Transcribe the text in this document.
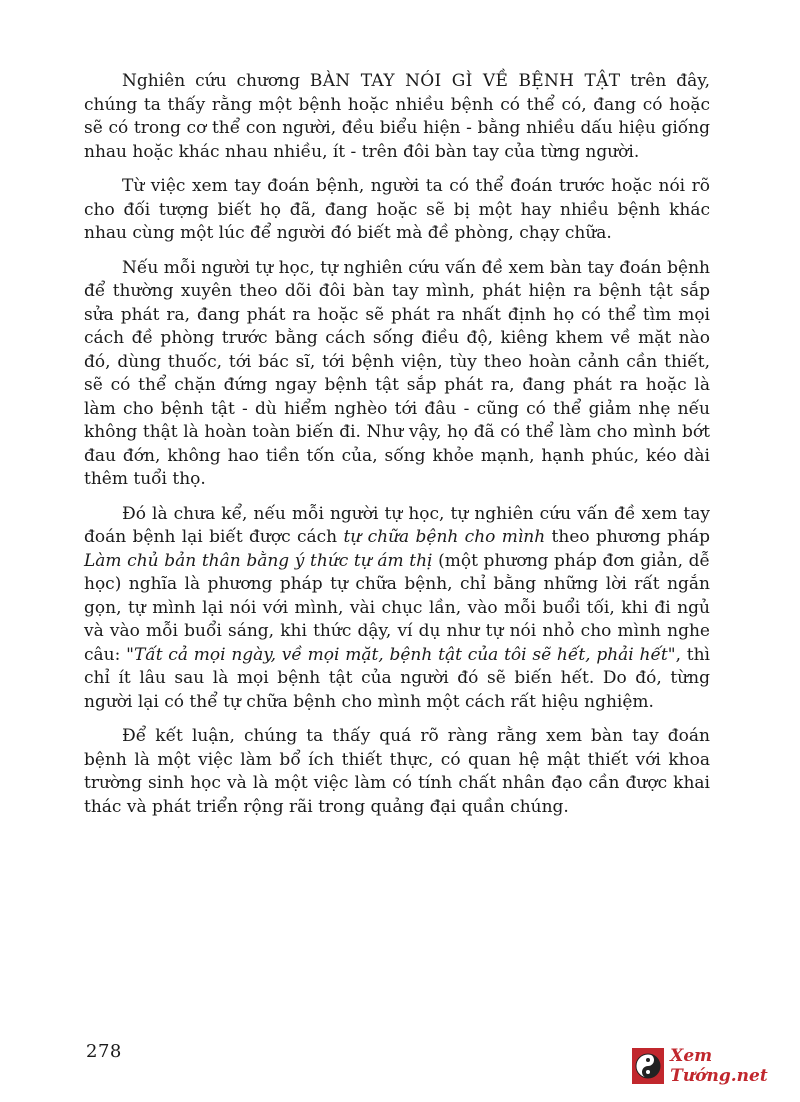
Nghiên cứu chương BÀN TAY NÓI GÌ VỀ BỆNH TẬT trên đây, chúng ta thấy rằng một bệnh hoặc nhiều bệnh có thể có, đang có hoặc sẽ có trong cơ thể con người, đều biểu hiện - bằng nhiều dấu hiệu giống nhau hoặc khác nhau nhiều, ít - trên đôi bàn tay của từng người.

Từ việc xem tay đoán bệnh, người ta có thể đoán trước hoặc nói rõ cho đối tượng biết họ đã, đang hoặc sẽ bị một hay nhiều bệnh khác nhau cùng một lúc để người đó biết mà đề phòng, chạy chữa.

Nếu mỗi người tự học, tự nghiên cứu vấn đề xem bàn tay đoán bệnh để thường xuyên theo dõi đôi bàn tay mình, phát hiện ra bệnh tật sắp sửa phát ra, đang phát ra hoặc sẽ phát ra nhất định họ có thể tìm mọi cách đề phòng trước bằng cách sống điều độ, kiêng khem về mặt nào đó, dùng thuốc, tới bác sĩ, tới bệnh viện, tùy theo hoàn cảnh cần thiết, sẽ có thể chặn đứng ngay bệnh tật sắp phát ra, đang phát ra hoặc là làm cho bệnh tật - dù hiểm nghèo tới đâu - cũng có thể giảm nhẹ nếu không thật là hoàn toàn biến đi. Như vậy, họ đã có thể làm cho mình bớt đau đớn, không hao tiền tốn của, sống khỏe mạnh, hạnh phúc, kéo dài thêm tuổi thọ.

Đó là chưa kể, nếu mỗi người tự học, tự nghiên cứu vấn đề xem tay đoán bệnh lại biết được cách tự chữa bệnh cho mình theo phương pháp Làm chủ bản thân bằng ý thức tự ám thị (một phương pháp đơn giản, dễ học) nghĩa là phương pháp tự chữa bệnh, chỉ bằng những lời rất ngắn gọn, tự mình lại nói với mình, vài chục lần, vào mỗi buổi tối, khi đi ngủ và vào mỗi buổi sáng, khi thức dậy, ví dụ như tự nói nhỏ cho mình nghe câu: "Tất cả mọi ngày, về mọi mặt, bệnh tật của tôi sẽ hết, phải hết", thì chỉ ít lâu sau là mọi bệnh tật của người đó sẽ biến hết. Do đó, từng người lại có thể tự chữa bệnh cho mình một cách rất hiệu nghiệm.

Để kết luận, chúng ta thấy quá rõ ràng rằng xem bàn tay đoán bệnh là một việc làm bổ ích thiết thực, có quan hệ mật thiết với khoa trường sinh học và là một việc làm có tính chất nhân đạo cần được khai thác và phát triển rộng rãi trong quảng đại quần chúng.

278	Xem Tướng.net
